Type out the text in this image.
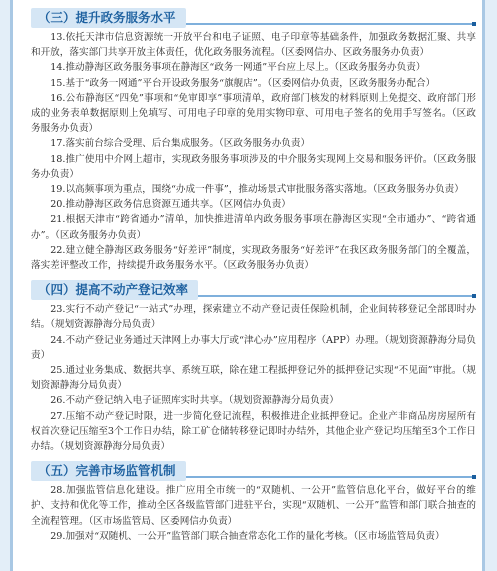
（三）提升政务服务水平

13.依托天津市信息资源统一开放平台和电子证照、电子印章等基础条件，加强政务数据汇聚、共享和开放，落实部门共享开放主体责任，优化政务服务流程。（区委网信办、区政务服务办负责）

14.推动静海区政务服务事项在静海区“政务一网通”平台应上尽上。（区政务服务办负责）

15.基于“政务一网通”平台开设政务服务“旗舰店”。（区委网信办负责，区政务服务办配合）

16.公布静海区“四免”事项和“免审即享”事项清单，政府部门核发的材料原则上免提交、政府部门形成的业务表单数据原则上免填写、可用电子印章的免用实物印章、可用电子签名的免用手写签名。（区政务服务办负责）

17.落实前台综合受理、后台集成服务。（区政务服务办负责）

18.推广使用中介网上超市，实现政务服务事项涉及的中介服务实现网上交易和服务评价。（区政务服务办负责）

19.以高频事项为重点，围绕“办成一件事”，推动场景式审批服务落实落地。（区政务服务办负责）

20.推动静海区政务信息资源互通共享。（区网信办负责）

21.根据天津市“跨省通办”清单，加快推进清单内政务服务事项在静海区实现“全市通办”、“跨省通办”。（区政务服务办负责）

22.建立健全静海区政务服务“好差评”制度，实现政务服务“好差评”在我区政务服务部门的全覆盖，落实差评整改工作，持续提升政务服务水平。（区政务服务办负责）

（四）提高不动产登记效率

23.实行不动产登记“一站式”办理，探索建立不动产登记责任保险机制，企业间转移登记全部即时办结。（规划资源静海分局负责）

24.不动产登记业务通过天津网上办事大厅或“津心办”应用程序（APP）办理。（规划资源静海分局负责）

25.通过业务集成、数据共享、系统互联，除在建工程抵押登记外的抵押登记实现“不见面”审批。（规划资源静海分局负责）

26.不动产登记纳入电子证照库实时共享。（规划资源静海分局负责）

27.压缩不动产登记时限，进一步简化登记流程，积极推进企业抵押登记。企业产非商品房房屋所有权首次登记压缩至3个工作日办结，除工矿仓储转移登记即时办结外，其他企业产登记均压缩至3个工作日办结。（规划资源静海分局负责）

（五）完善市场监管机制

28.加强监管信息化建设。推广应用全市统一的“双随机、一公开”监管信息化平台，做好平台的维护、支持和优化等工作，推动全区各级监管部门进驻平台，实现“双随机、一公开”监管和部门联合抽查的全流程管理。（区市场监管局、区委网信办负责）

29.加强对“双随机、一公开”监管部门联合抽查常态化工作的量化考核。（区市场监管局负责）
